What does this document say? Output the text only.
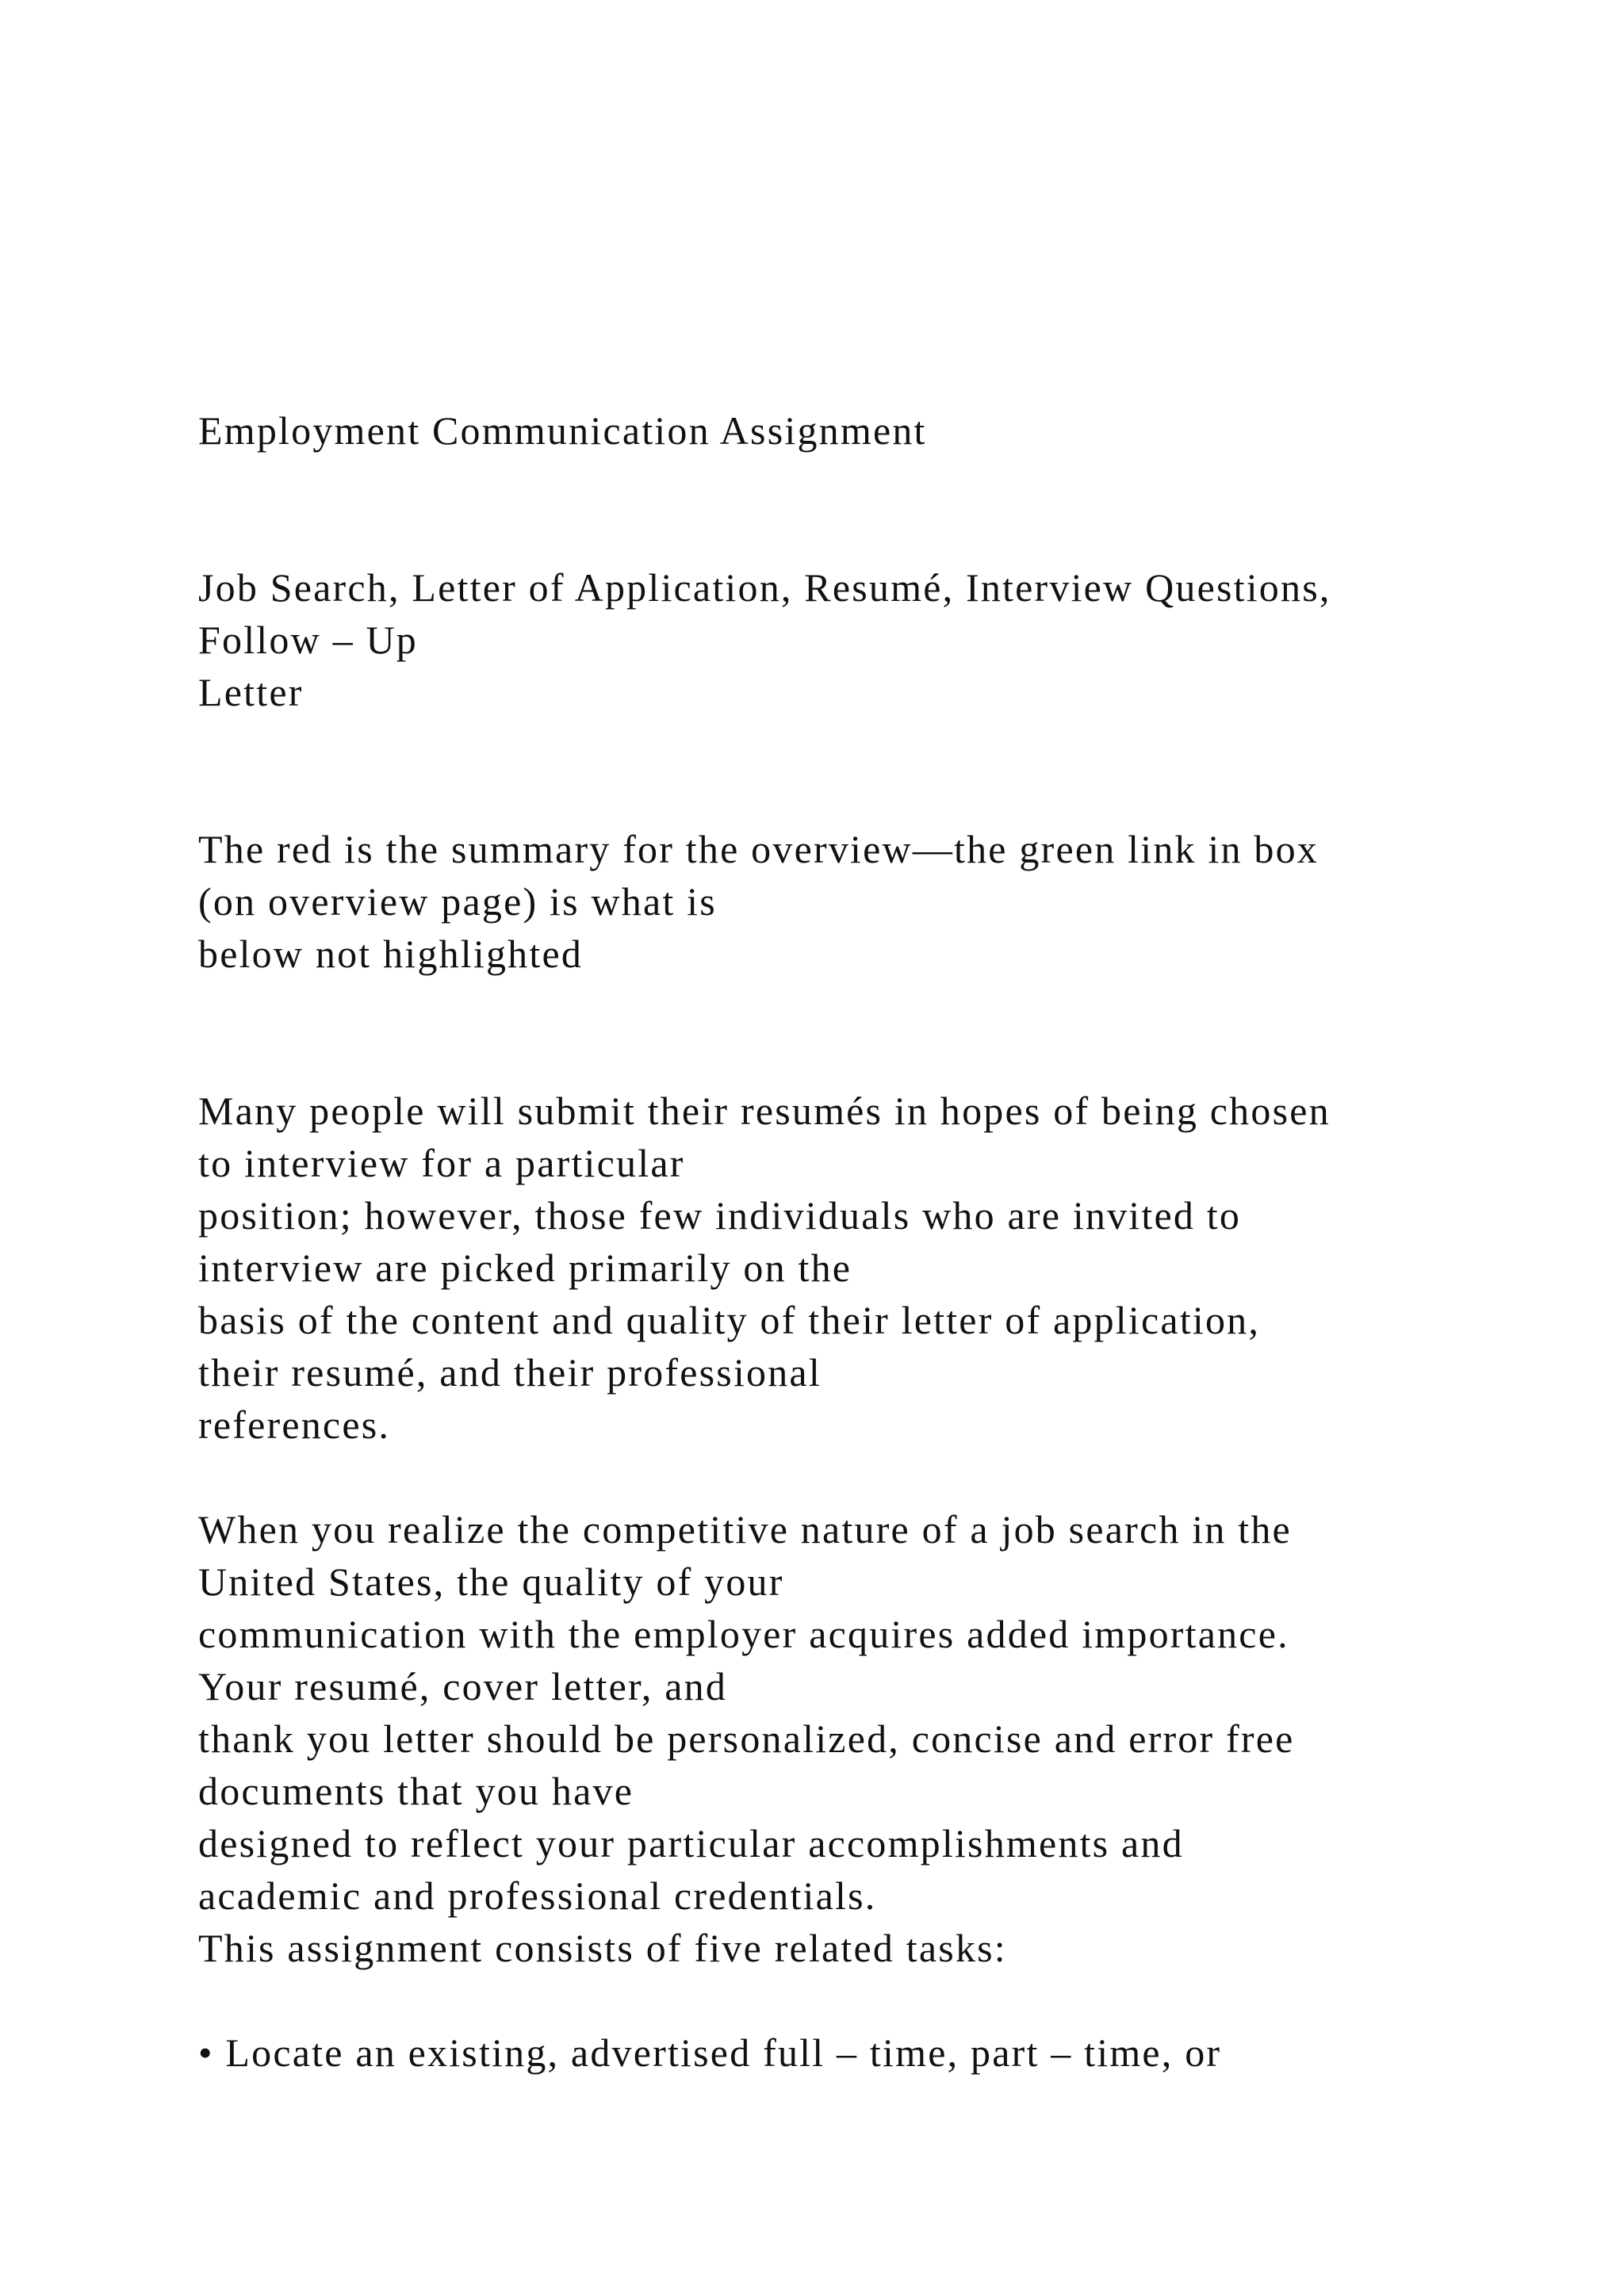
Employment Communication Assignment

Job Search, Letter of Application, Resumé, Interview Questions,

Follow – Up

Letter

The red is the summary for the overview—the green link in box

(on overview page) is what is

below not highlighted

Many people will submit their resumés in hopes of being chosen

to interview for a particular

position; however, those few individuals who are invited to

interview are picked primarily on the

basis of the content and quality of their letter of application,

their resumé, and their professional

references.

When you realize the competitive nature of a job search in the

United States, the quality of your

communication with the employer acquires added importance.

Your resumé, cover letter, and

thank you letter should be personalized, concise and error free

documents that you have

designed to reflect your particular accomplishments and

academic and professional credentials.

This assignment consists of five related tasks:

• Locate an existing, advertised full – time, part – time, or
